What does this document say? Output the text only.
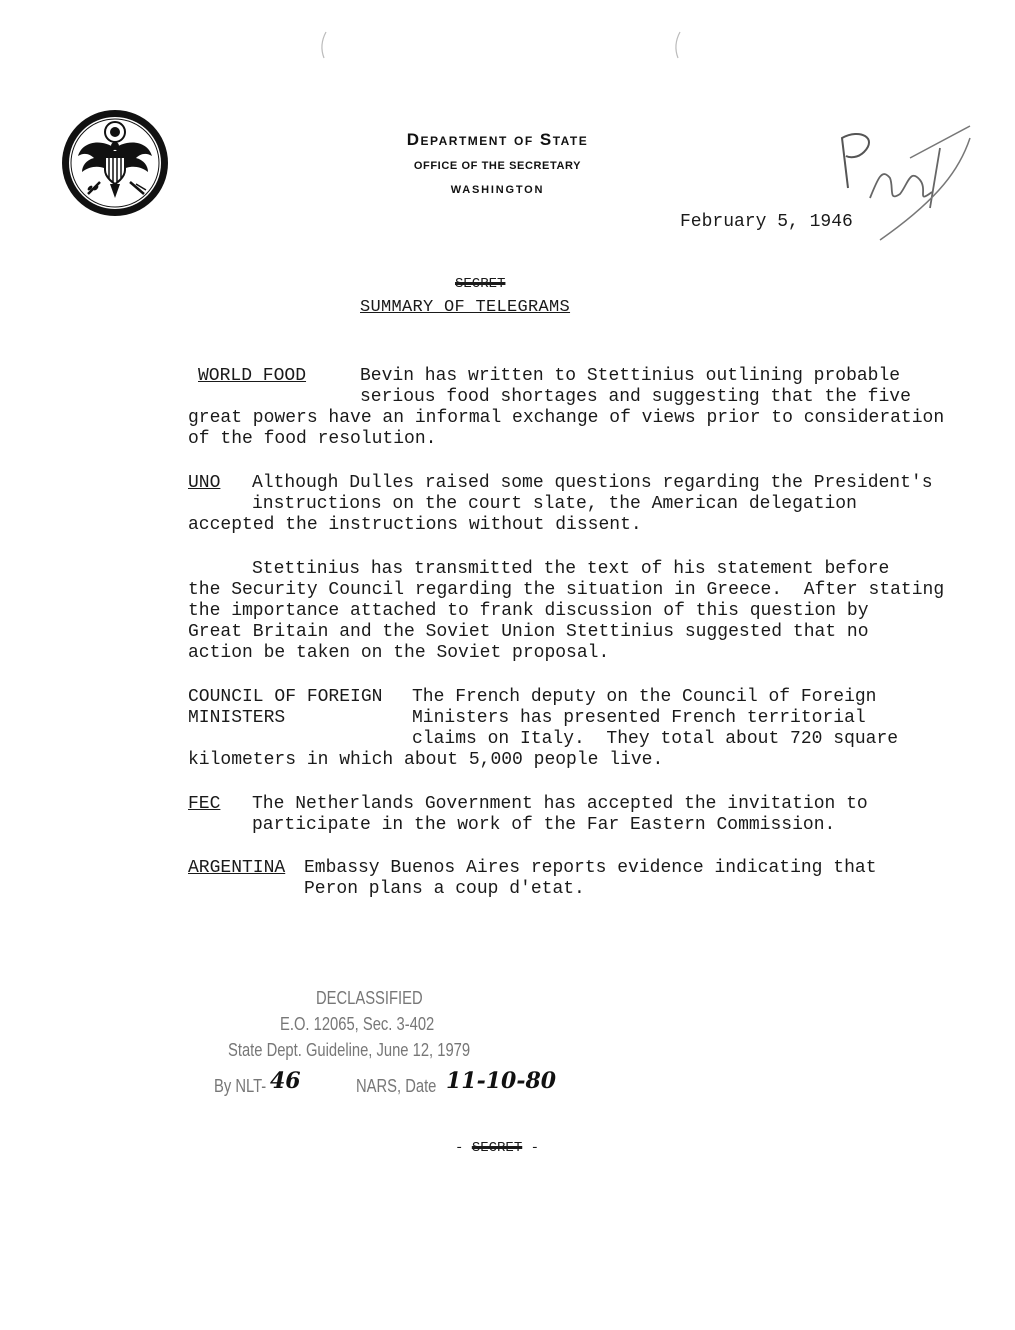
Department of State
OFFICE OF THE SECRETARY
WASHINGTON
February 5, 1946
SECRET
SUMMARY OF TELEGRAMS
WORLD FOOD	Bevin has written to Stettinius outlining probable
serious food shortages and suggesting that the five
great powers have an informal exchange of views prior to consideration
of the food resolution.
UNO Although Dulles raised some questions regarding the President's
instructions on the court slate, the American delegation
accepted the instructions without dissent.
Stettinius has transmitted the text of his statement before
the Security Council regarding the situation in Greece.  After stating
the importance attached to frank discussion of this question by
Great Britain and the Soviet Union Stettinius suggested that no
action be taken on the Soviet proposal.
COUNCIL OF FOREIGN
MINISTERS
The French deputy on the Council of Foreign
Ministers has presented French territorial
claims on Italy.  They total about 720 square
kilometers in which about 5,000 people live.
FEC The Netherlands Government has accepted the invitation to
participate in the work of the Far Eastern Commission.
ARGENTINA Embassy Buenos Aires reports evidence indicating that
Peron plans a coup d'etat.
DECLASSIFIED
E.O. 12065, Sec. 3-402
State Dept. Guideline, June 12, 1979
By NLT- 46	NARS, Date 11-10-80
- SECRET -
